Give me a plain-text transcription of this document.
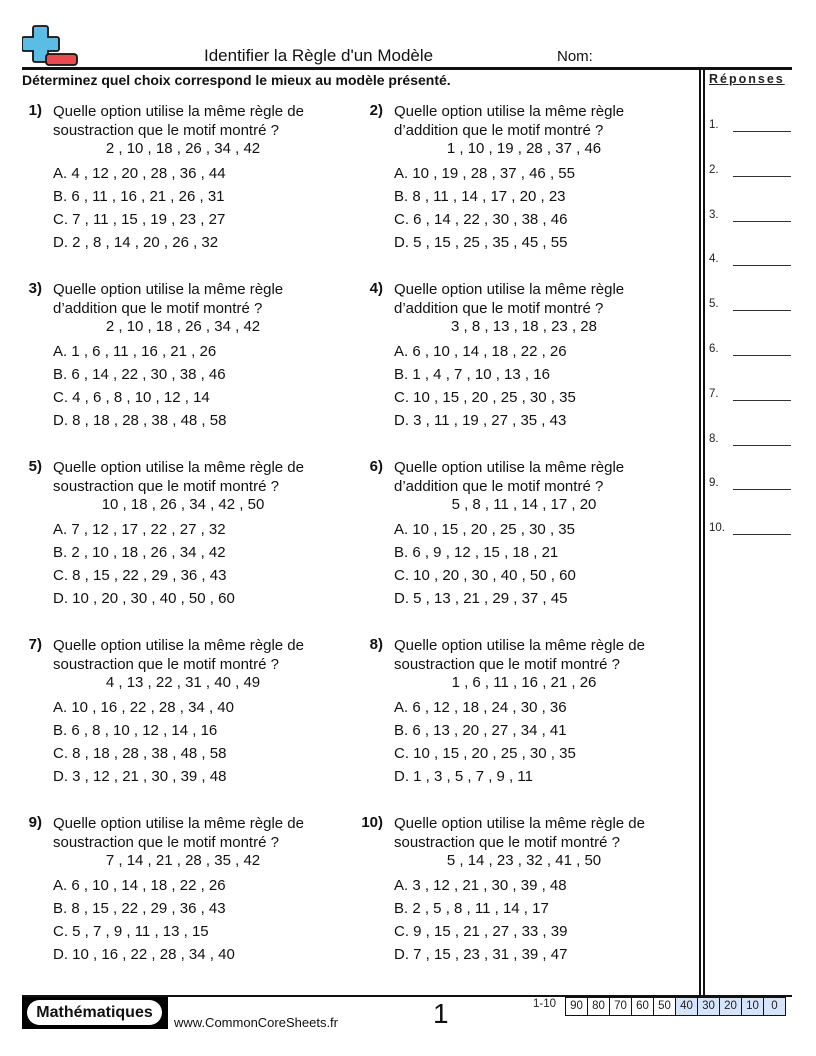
Identifier la Règle d'un Modèle	Nom:
Déterminez quel choix correspond le mieux au modèle présenté.	Réponses
1.
2.
3.
4.
5.
6.
7.
8.
9.
10.
1) Quelle option utilise la même règle de soustraction que le motif montré ?
2 , 10 , 18 , 26 , 34 , 42
A. 4 , 12 , 20 , 28 , 36 , 44
B. 6 , 11 , 16 , 21 , 26 , 31
C. 7 , 11 , 15 , 19 , 23 , 27
D. 2 , 8 , 14 , 20 , 26 , 32
2) Quelle option utilise la même règle d’addition que le motif montré ?
1 , 10 , 19 , 28 , 37 , 46
A. 10 , 19 , 28 , 37 , 46 , 55
B. 8 , 11 , 14 , 17 , 20 , 23
C. 6 , 14 , 22 , 30 , 38 , 46
D. 5 , 15 , 25 , 35 , 45 , 55
3) Quelle option utilise la même règle d’addition que le motif montré ?
2 , 10 , 18 , 26 , 34 , 42
A. 1 , 6 , 11 , 16 , 21 , 26
B. 6 , 14 , 22 , 30 , 38 , 46
C. 4 , 6 , 8 , 10 , 12 , 14
D. 8 , 18 , 28 , 38 , 48 , 58
4) Quelle option utilise la même règle d’addition que le motif montré ?
3 , 8 , 13 , 18 , 23 , 28
A. 6 , 10 , 14 , 18 , 22 , 26
B. 1 , 4 , 7 , 10 , 13 , 16
C. 10 , 15 , 20 , 25 , 30 , 35
D. 3 , 11 , 19 , 27 , 35 , 43
5) Quelle option utilise la même règle de soustraction que le motif montré ?
10 , 18 , 26 , 34 , 42 , 50
A. 7 , 12 , 17 , 22 , 27 , 32
B. 2 , 10 , 18 , 26 , 34 , 42
C. 8 , 15 , 22 , 29 , 36 , 43
D. 10 , 20 , 30 , 40 , 50 , 60
6) Quelle option utilise la même règle d’addition que le motif montré ?
5 , 8 , 11 , 14 , 17 , 20
A. 10 , 15 , 20 , 25 , 30 , 35
B. 6 , 9 , 12 , 15 , 18 , 21
C. 10 , 20 , 30 , 40 , 50 , 60
D. 5 , 13 , 21 , 29 , 37 , 45
7) Quelle option utilise la même règle de soustraction que le motif montré ?
4 , 13 , 22 , 31 , 40 , 49
A. 10 , 16 , 22 , 28 , 34 , 40
B. 6 , 8 , 10 , 12 , 14 , 16
C. 8 , 18 , 28 , 38 , 48 , 58
D. 3 , 12 , 21 , 30 , 39 , 48
8) Quelle option utilise la même règle de soustraction que le motif montré ?
1 , 6 , 11 , 16 , 21 , 26
A. 6 , 12 , 18 , 24 , 30 , 36
B. 6 , 13 , 20 , 27 , 34 , 41
C. 10 , 15 , 20 , 25 , 30 , 35
D. 1 , 3 , 5 , 7 , 9 , 11
9) Quelle option utilise la même règle de soustraction que le motif montré ?
7 , 14 , 21 , 28 , 35 , 42
A. 6 , 10 , 14 , 18 , 22 , 26
B. 8 , 15 , 22 , 29 , 36 , 43
C. 5 , 7 , 9 , 11 , 13 , 15
D. 10 , 16 , 22 , 28 , 34 , 40
10) Quelle option utilise la même règle de soustraction que le motif montré ?
5 , 14 , 23 , 32 , 41 , 50
A. 3 , 12 , 21 , 30 , 39 , 48
B. 2 , 5 , 8 , 11 , 14 , 17
C. 9 , 15 , 21 , 27 , 33 , 39
D. 7 , 15 , 23 , 31 , 39 , 47
Mathématiques
www.CommonCoreSheets.fr	1	1-10	90 80 70 60 50 40 30 20 10	0
